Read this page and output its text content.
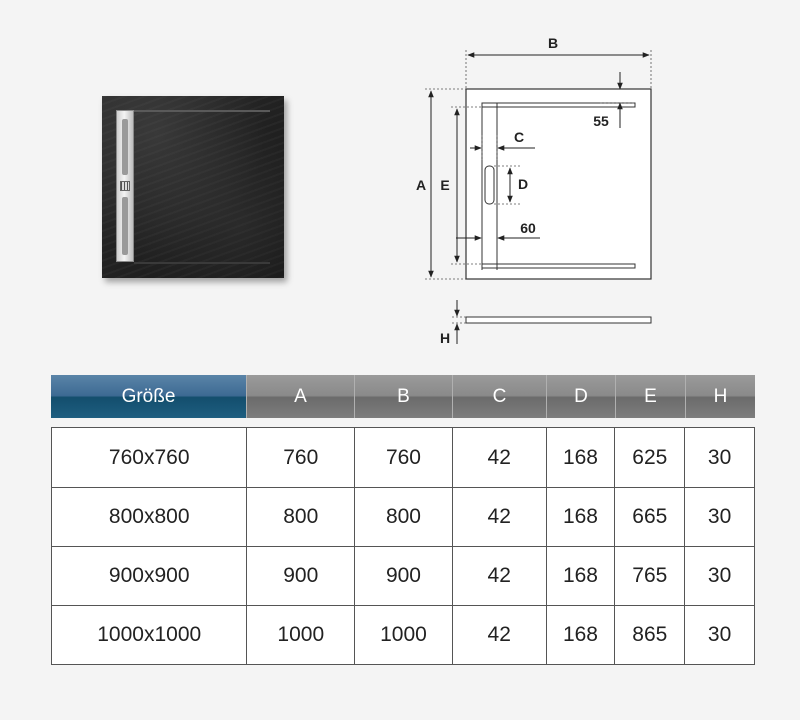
B
55
A E
C
D
60
H
Größe	A	B	C	D	E	H
760x760	760	760	42	168	625	30
800x800	800	800	42	168	665	30
900x900	900	900	42	168	765	30
1000x1000	1000	1000	42	168	865	30
